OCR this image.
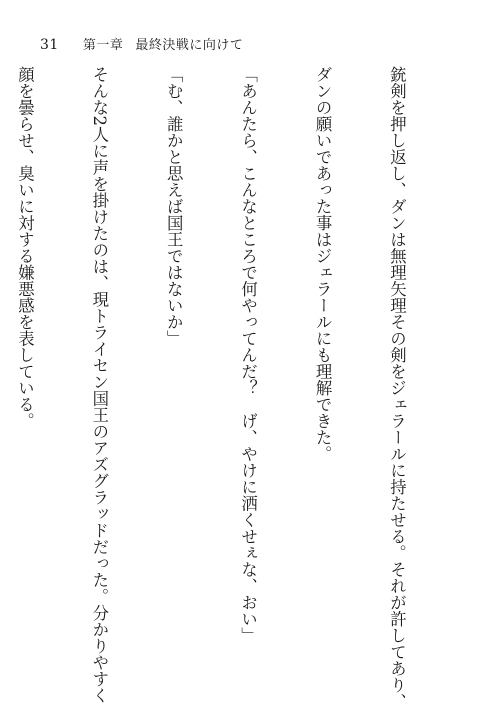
31 第一章 最終決戦に向けて

銃剣を押し返し、ダンは無理矢理その剣をジェラールに持たせる。それが許してあり、

ダンの願いであった事はジェラールにも理解できた。

「あんたら、こんなところで何やってんだ？　げ、やけに洒くせぇな、おい」

「む、誰かと思えば国王ではないか」

そんな2人に声を掛けたのは、現トライセン国王のアズグラッドだった。分かりやすく

顔を曇らせ、臭いに対する嫌悪感を表している。
